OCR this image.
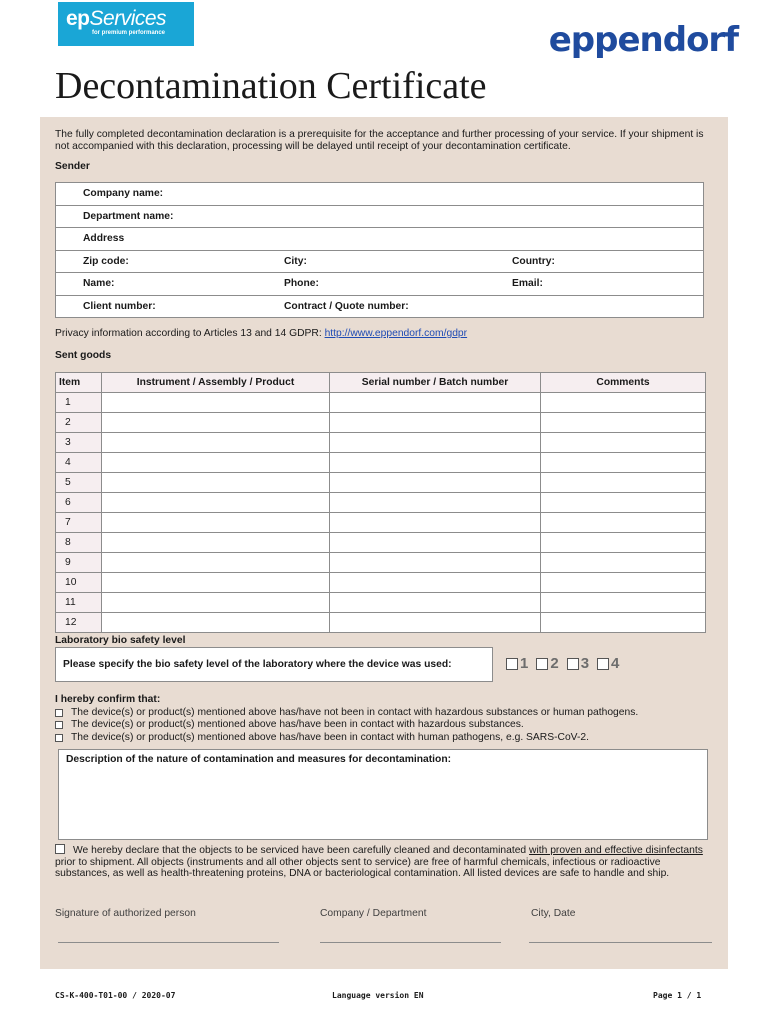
epServices
for premium performance	eppendorf
Decontamination Certificate

The fully completed decontamination declaration is a prerequisite for the acceptance and further processing of your service. If your shipment is not accompanied with this declaration, processing will be delayed until receipt of your decontamination certificate.

Sender
Company name:
Department name:
Address
Zip code:	City:	Country:
Name:	Phone:	Email:
Client number:	Contract / Quote number:

Privacy information according to Articles 13 and 14 GDPR: http://www.eppendorf.com/gdpr

Sent goods
Item	Instrument / Assembly / Product	Serial number / Batch number	Comments
1			
2			
3			
4			
5			
6			
7			
8			
9			
10			
11			
12			
Laboratory bio safety level
Please specify the bio safety level of the laboratory where the device was used:	1 2 3 4
I hereby confirm that:
The device(s) or product(s) mentioned above has/have not been in contact with hazardous substances or human pathogens.
The device(s) or product(s) mentioned above has/have been in contact with hazardous substances.
The device(s) or product(s) mentioned above has/have been in contact with human pathogens, e.g. SARS-CoV-2.
Description of the nature of contamination and measures for decontamination:

We hereby declare that the objects to be serviced have been carefully cleaned and decontaminated with proven and effective disinfectants prior to shipment. All objects (instruments and all other objects sent to service) are free of harmful chemicals, infectious or radioactive substances, as well as health-threatening proteins, DNA or bacteriological contamination. All listed devices are safe to handle and ship.

Signature of authorized person	Company / Department	City, Date
CS-K-400-T01-00 / 2020-07	Language version EN	Page 1 / 1
